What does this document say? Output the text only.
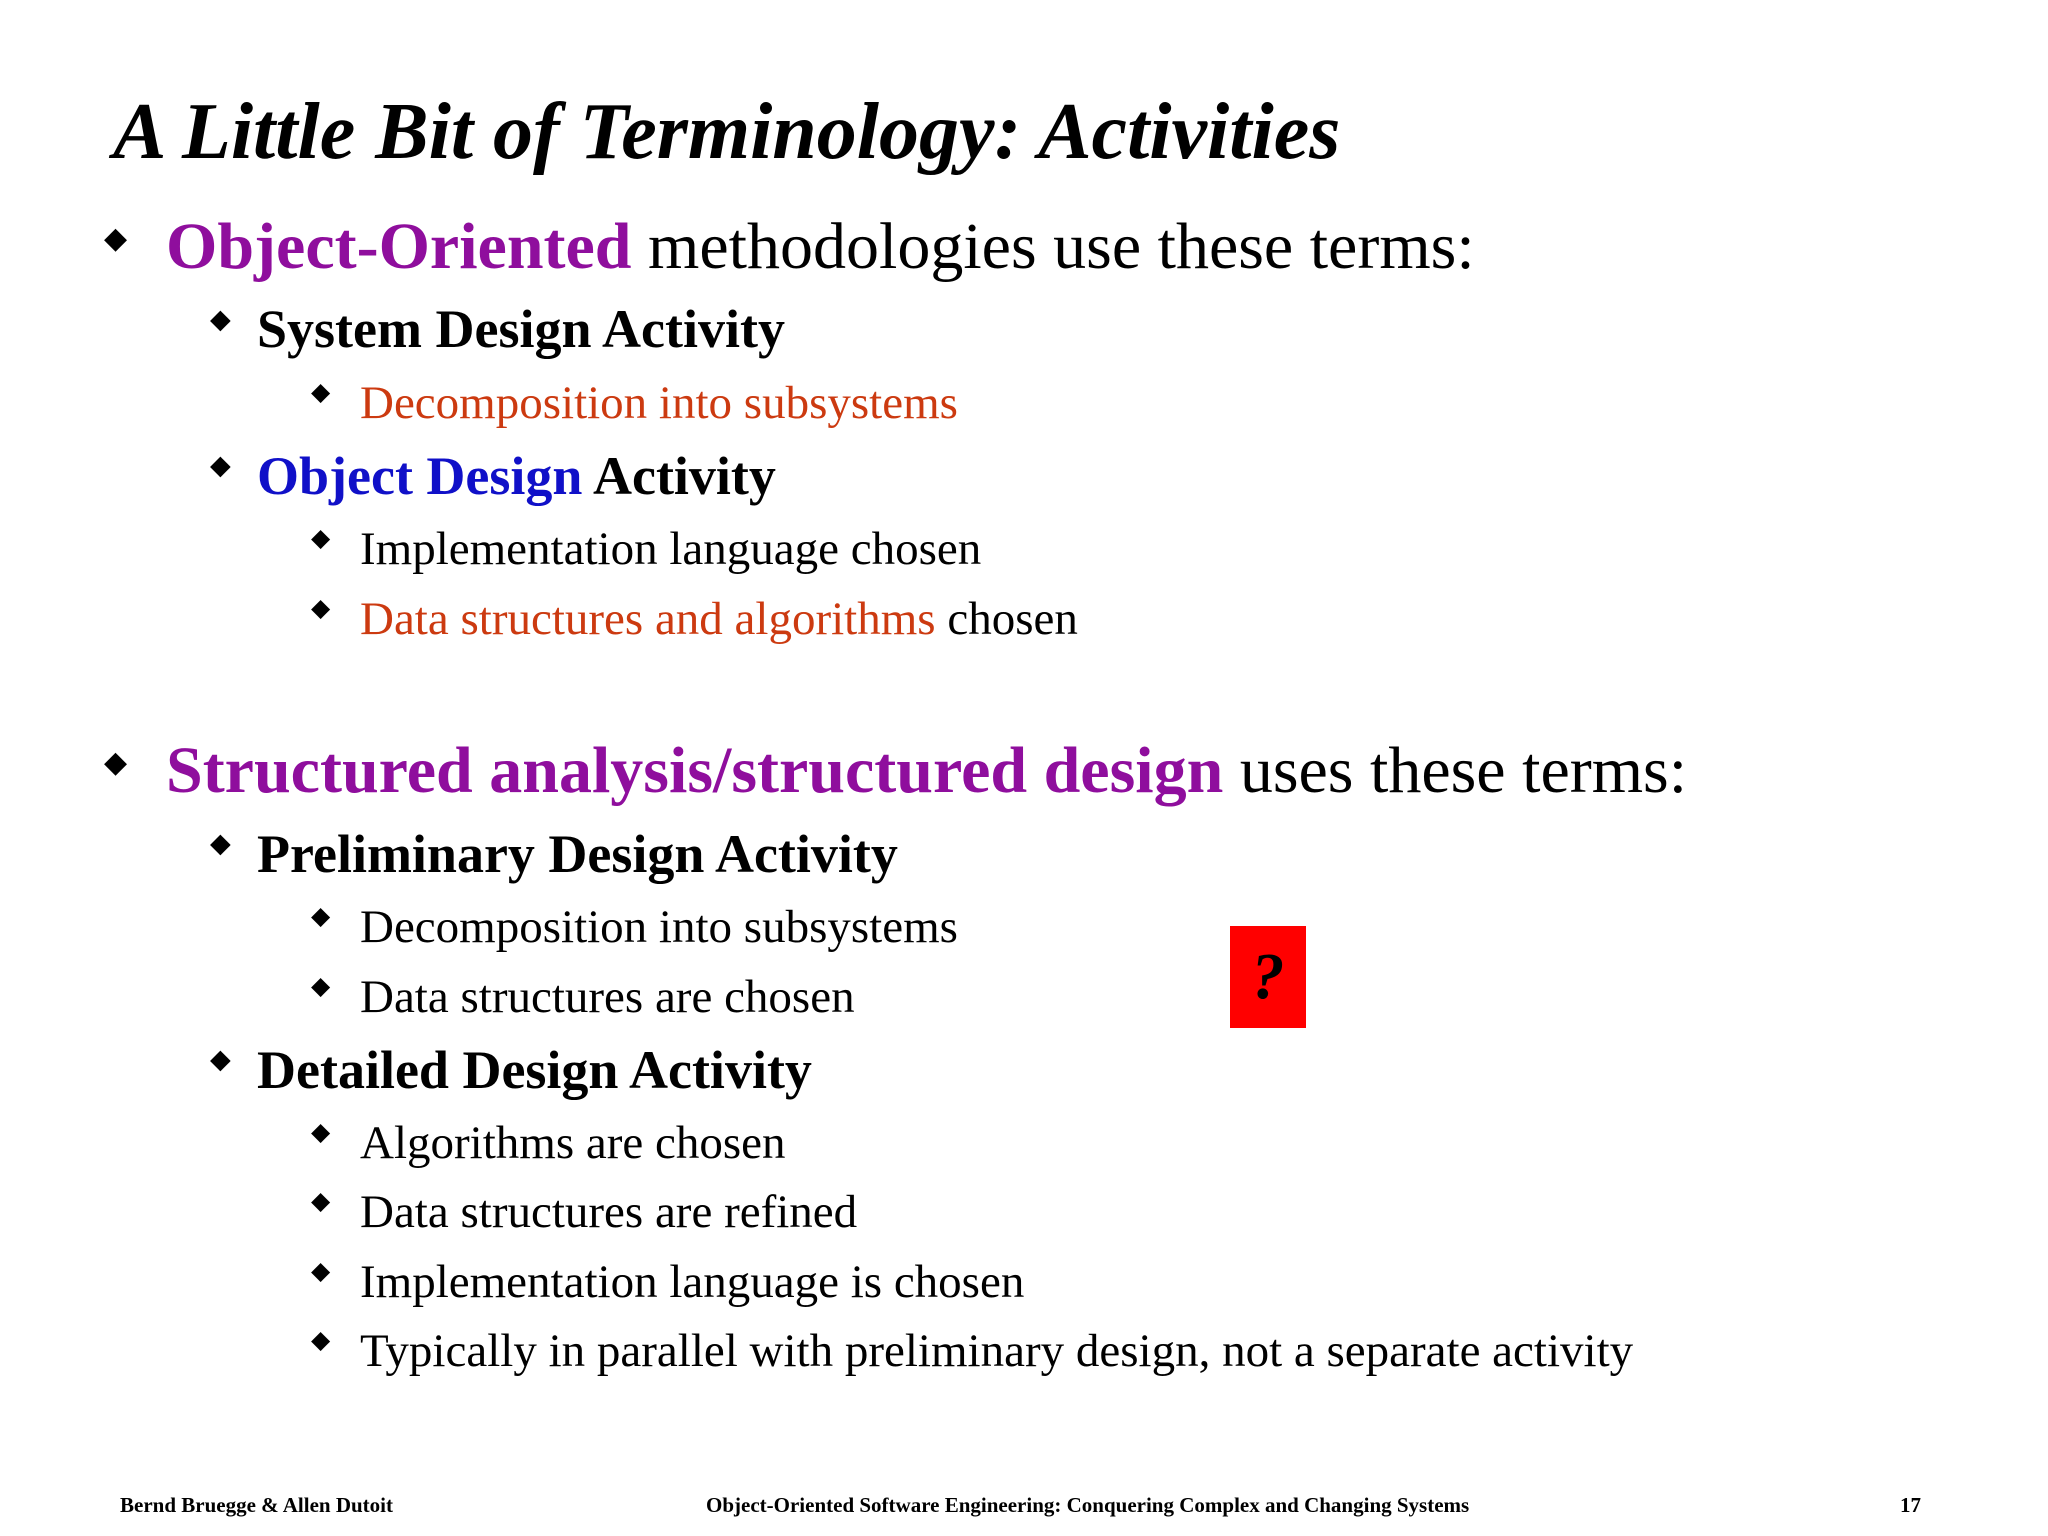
A Little Bit of Terminology: Activities
◆ Object-Oriented methodologies use these terms:
◆ System Design Activity
◆ Decomposition into subsystems
◆ Object Design Activity
◆ Implementation language chosen
◆ Data structures and algorithms chosen
◆ Structured analysis/structured design uses these terms:
◆ Preliminary Design Activity
◆ Decomposition into subsystems
◆ Data structures are chosen	?
◆ Detailed Design Activity
◆ Algorithms are chosen
◆ Data structures are refined
◆ Implementation language is chosen
◆ Typically in parallel with preliminary design, not a separate activity
Bernd Bruegge & Allen Dutoit	Object-Oriented Software Engineering: Conquering Complex and Changing Systems	17
